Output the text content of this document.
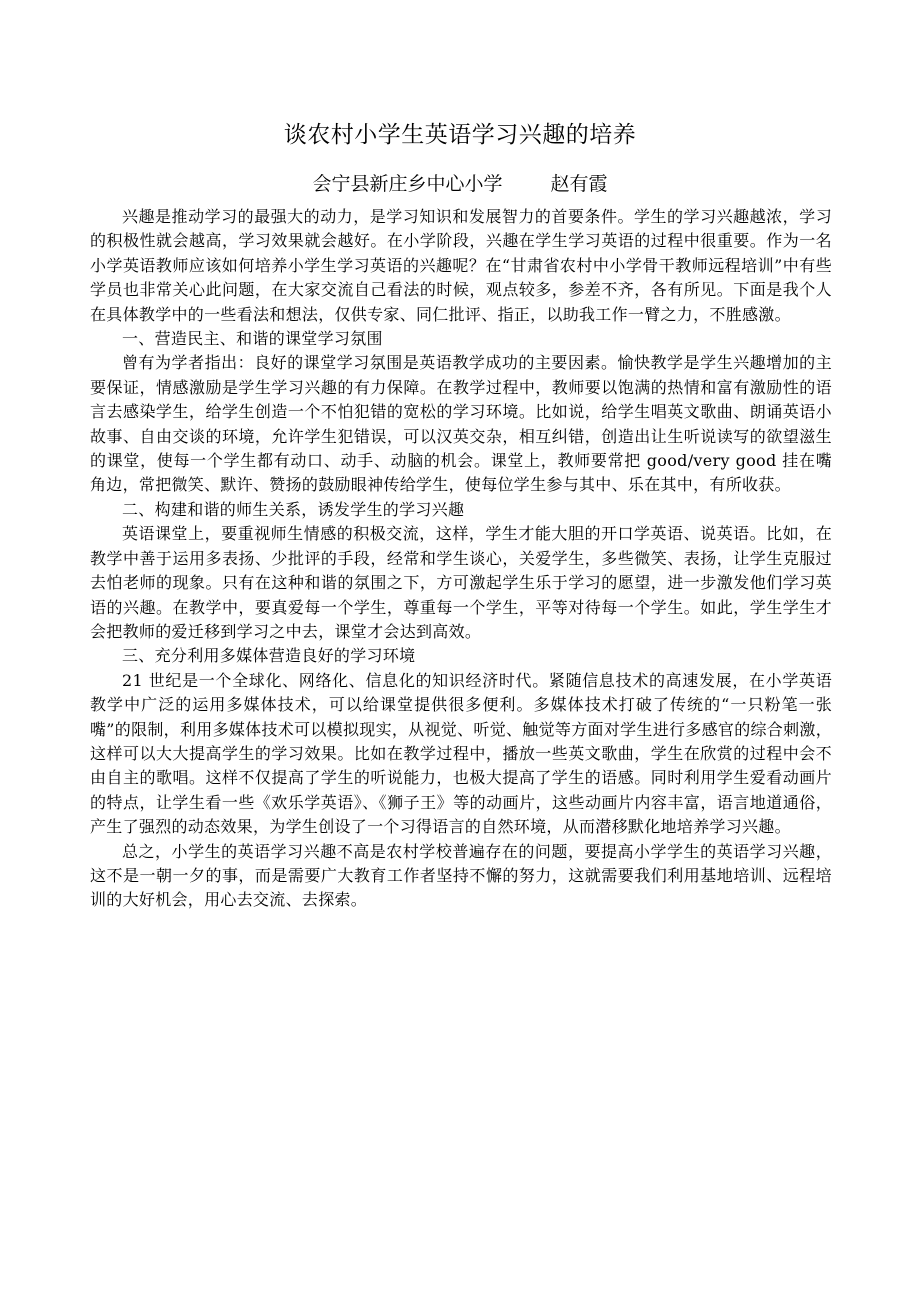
谈农村小学生英语学习兴趣的培养
会宁县新庄乡中心小学	赵有霞

兴趣是推动学习的最强大的动力，是学习知识和发展智力的首要条件。学生的学习兴趣越浓，学习的积极性就会越高，学习效果就会越好。在小学阶段，兴趣在学生学习英语的过程中很重要。作为一名小学英语教师应该如何培养小学生学习英语的兴趣呢？在“甘肃省农村中小学骨干教师远程培训”中有些学员也非常关心此问题，在大家交流自己看法的时候，观点较多，参差不齐，各有所见。下面是我个人在具体教学中的一些看法和想法，仅供专家、同仁批评、指正，以助我工作一臂之力，不胜感激。

一、营造民主、和谐的课堂学习氛围

曾有为学者指出：良好的课堂学习氛围是英语教学成功的主要因素。愉快教学是学生兴趣增加的主要保证，情感激励是学生学习兴趣的有力保障。在教学过程中，教师要以饱满的热情和富有激励性的语言去感染学生，给学生创造一个不怕犯错的宽松的学习环境。比如说，给学生唱英文歌曲、朗诵英语小故事、自由交谈的环境，允许学生犯错误，可以汉英交杂，相互纠错，创造出让生听说读写的欲望滋生的课堂，使每一个学生都有动口、动手、动脑的机会。课堂上，教师要常把 good/very good 挂在嘴角边，常把微笑、默许、赞扬的鼓励眼神传给学生，使每位学生参与其中、乐在其中，有所收获。

二、构建和谐的师生关系，诱发学生的学习兴趣

英语课堂上，要重视师生情感的积极交流，这样，学生才能大胆的开口学英语、说英语。比如，在教学中善于运用多表扬、少批评的手段，经常和学生谈心，关爱学生，多些微笑、表扬，让学生克服过去怕老师的现象。只有在这种和谐的氛围之下，方可激起学生乐于学习的愿望，进一步激发他们学习英语的兴趣。在教学中，要真爱每一个学生，尊重每一个学生，平等对待每一个学生。如此，学生学生才会把教师的爱迁移到学习之中去，课堂才会达到高效。

三、充分利用多媒体营造良好的学习环境

21 世纪是一个全球化、网络化、信息化的知识经济时代。紧随信息技术的高速发展，在小学英语教学中广泛的运用多媒体技术，可以给课堂提供很多便利。多媒体技术打破了传统的“一只粉笔一张嘴”的限制，利用多媒体技术可以模拟现实，从视觉、听觉、触觉等方面对学生进行多感官的综合刺激，这样可以大大提高学生的学习效果。比如在教学过程中，播放一些英文歌曲，学生在欣赏的过程中会不由自主的歌唱。这样不仅提高了学生的听说能力，也极大提高了学生的语感。同时利用学生爱看动画片的特点，让学生看一些《欢乐学英语》、《狮子王》等的动画片，这些动画片内容丰富，语言地道通俗，产生了强烈的动态效果，为学生创设了一个习得语言的自然环境，从而潜移默化地培养学习兴趣。

总之，小学生的英语学习兴趣不高是农村学校普遍存在的问题，要提高小学学生的英语学习兴趣，这不是一朝一夕的事，而是需要广大教育工作者坚持不懈的努力，这就需要我们利用基地培训、远程培训的大好机会，用心去交流、去探索。
